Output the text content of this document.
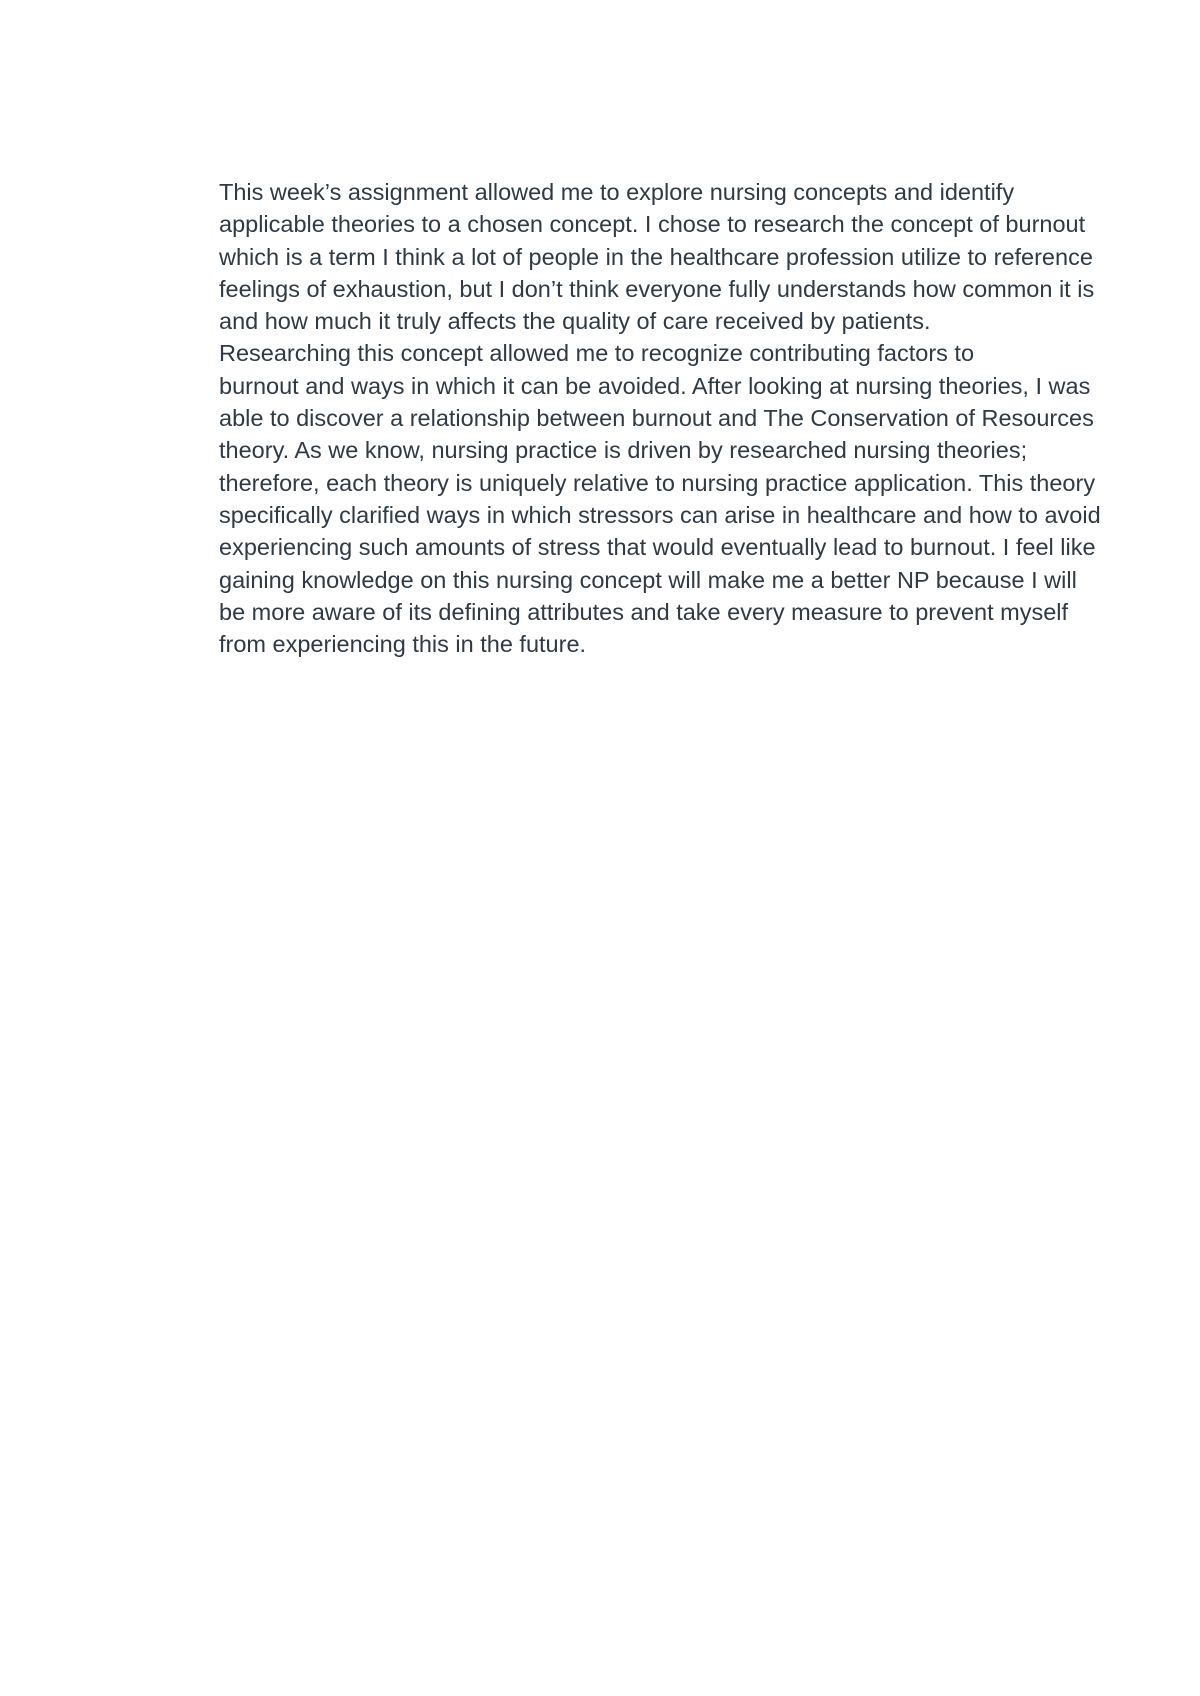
This week’s assignment allowed me to explore nursing concepts and identify
applicable theories to a chosen concept. I chose to research the concept of burnout
which is a term I think a lot of people in the healthcare profession utilize to reference
feelings of exhaustion, but I don’t think everyone fully understands how common it is
and how much it truly affects the quality of care received by patients.

Researching this concept allowed me to recognize contributing factors to
burnout and ways in which it can be avoided. After looking at nursing theories, I was
able to discover a relationship between burnout and The Conservation of Resources
theory. As we know, nursing practice is driven by researched nursing theories;
therefore, each theory is uniquely relative to nursing practice application. This theory
specifically clarified ways in which stressors can arise in healthcare and how to avoid
experiencing such amounts of stress that would eventually lead to burnout. I feel like
gaining knowledge on this nursing concept will make me a better NP because I will
be more aware of its defining attributes and take every measure to prevent myself
from experiencing this in the future.
